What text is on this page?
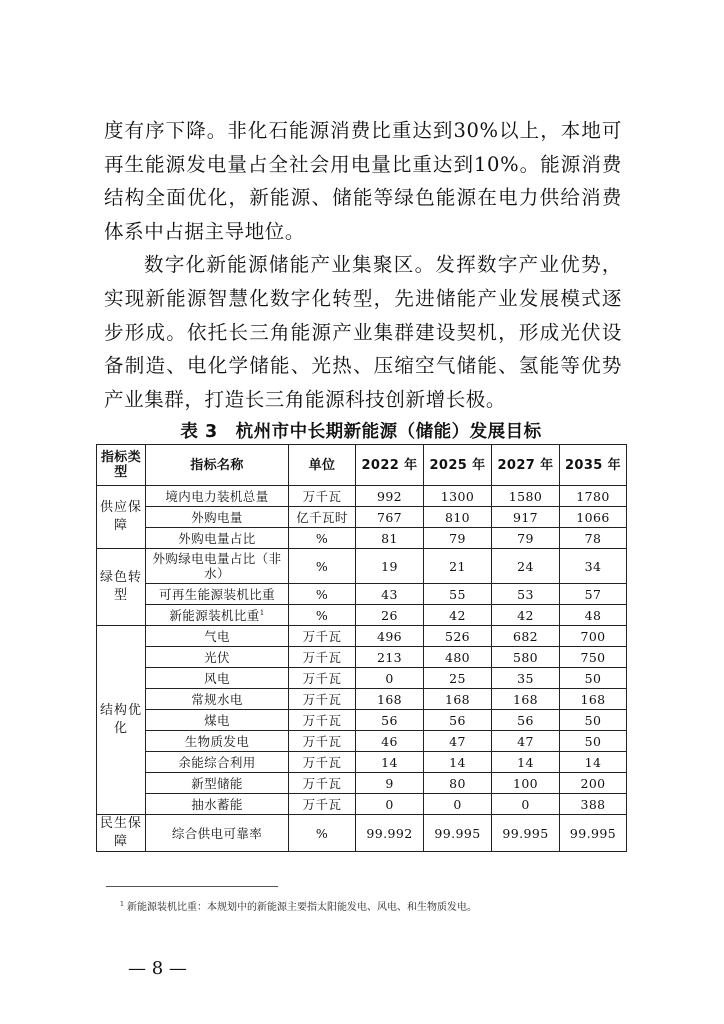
度有序下降。非化石能源消费比重达到30%以上，本地可再生能源发电量占全社会用电量比重达到10%。能源消费结构全面优化，新能源、储能等绿色能源在电力供给消费体系中占据主导地位。

数字化新能源储能产业集聚区。发挥数字产业优势，实现新能源智慧化数字化转型，先进储能产业发展模式逐步形成。依托长三角能源产业集群建设契机，形成光伏设备制造、电化学储能、光热、压缩空气储能、氢能等优势产业集群，打造长三角能源科技创新增长极。

表 3　杭州市中长期新能源（储能）发展目标
指标类型	指标名称	单位	2022 年	2025 年	2027 年	2035 年
供应保障	境内电力装机总量	万千瓦	992	1300	1580	1780
	外购电量	亿千瓦时	767	810	917	1066
	外购电量占比	%	81	79	79	78
绿色转型	外购绿电电量占比（非水）	%	19	21	24	34
	可再生能源装机比重	%	43	55	53	57
	新能源装机比重$^1$	%	26	42	42	48
结构优化	气电	万千瓦	496	526	682	700
	光伏	万千瓦	213	480	580	750
	风电	万千瓦	0	25	35	50
	常规水电	万千瓦	168	168	168	168
	煤电	万千瓦	56	56	56	50
	生物质发电	万千瓦	46	47	47	50
	余能综合利用	万千瓦	14	14	14	14
	新型储能	万千瓦	9	80	100	200
	抽水蓄能	万千瓦	0	0	0	388
民生保障	综合供电可靠率	%	99.992	99.995	99.995	99.995
$^1$ 新能源装机比重：本规划中的新能源主要指太阳能发电、风电、和生物质发电。
— 8 —
